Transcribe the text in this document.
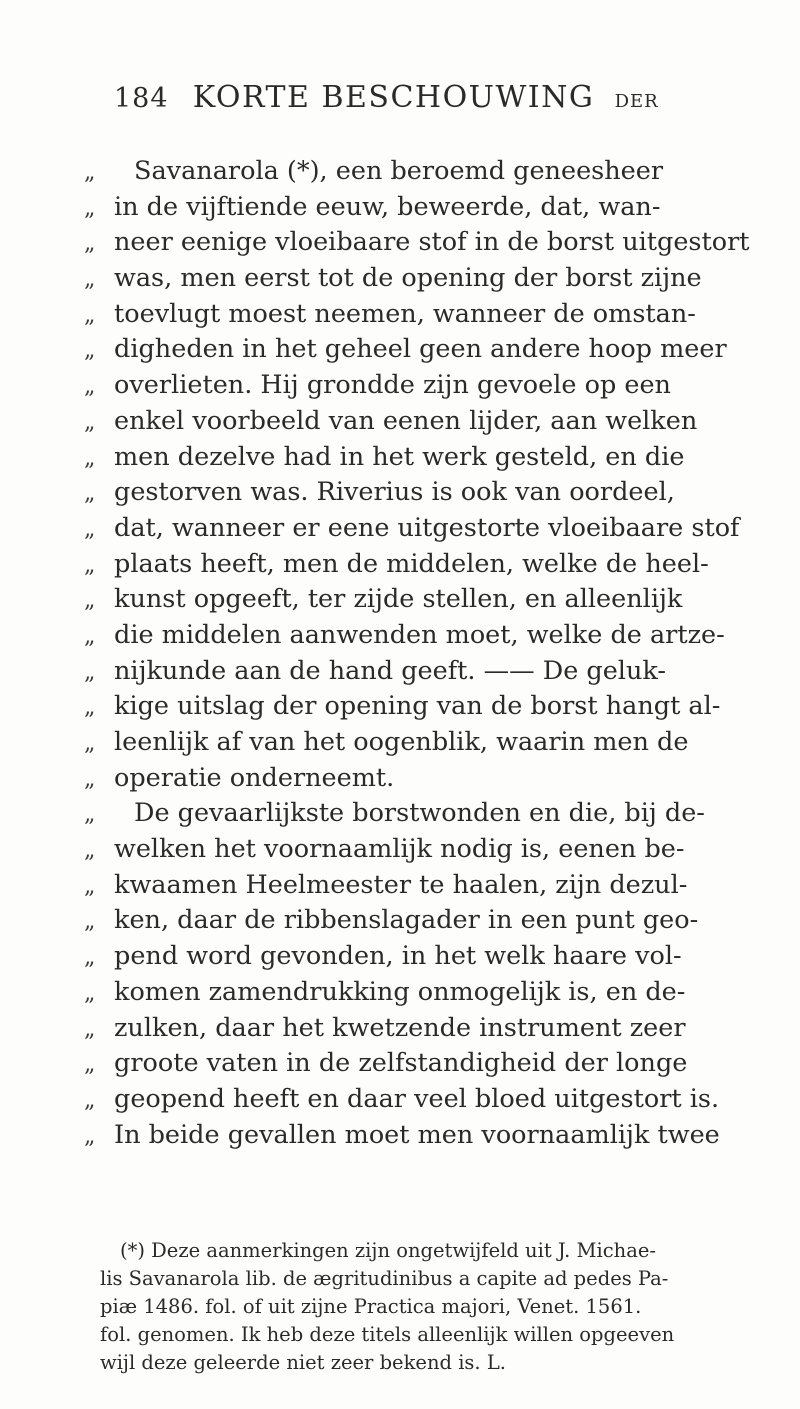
184 KORTE BESCHOUWING DER
„ Savanarola (*), een beroemd geneesheer
„ in de vijftiende eeuw, beweerde, dat, wan-
„ neer eenige vloeibaare stof in de borst uitgestort
„ was, men eerst tot de opening der borst zijne
„ toevlugt moest neemen, wanneer de omstan-
„ digheden in het geheel geen andere hoop meer
„ overlieten. Hij grondde zijn gevoele op een
„ enkel voorbeeld van eenen lijder, aan welken
„ men dezelve had in het werk gesteld, en die
„ gestorven was. Riverius is ook van oordeel,
„ dat, wanneer er eene uitgestorte vloeibaare stof
„ plaats heeft, men de middelen, welke de heel-
„ kunst opgeeft, ter zijde stellen, en alleenlijk
„ die middelen aanwenden moet, welke de artze-
„ nijkunde aan de hand geeft. —— De geluk-
„ kige uitslag der opening van de borst hangt al-
„ leenlijk af van het oogenblik, waarin men de
„ operatie onderneemt.
„ De gevaarlijkste borstwonden en die, bij de-
„ welken het voornaamlijk nodig is, eenen be-
„ kwaamen Heelmeester te haalen, zijn dezul-
„ ken, daar de ribbenslagader in een punt geo-
„ pend word gevonden, in het welk haare vol-
„ komen zamendrukking onmogelijk is, en de-
„ zulken, daar het kwetzende instrument zeer
„ groote vaten in de zelfstandigheid der longe
„ geopend heeft en daar veel bloed uitgestort is.
„ In beide gevallen moet men voornaamlijk twee
(*) Deze aanmerkingen zijn ongetwijfeld uit J. Michae-
lis Savanarola lib. de ægritudinibus a capite ad pedes Pa-
piæ 1486. fol. of uit zijne Practica majori, Venet. 1561.
fol. genomen. Ik heb deze titels alleenlijk willen opgeeven
wijl deze geleerde niet zeer bekend is. L.
